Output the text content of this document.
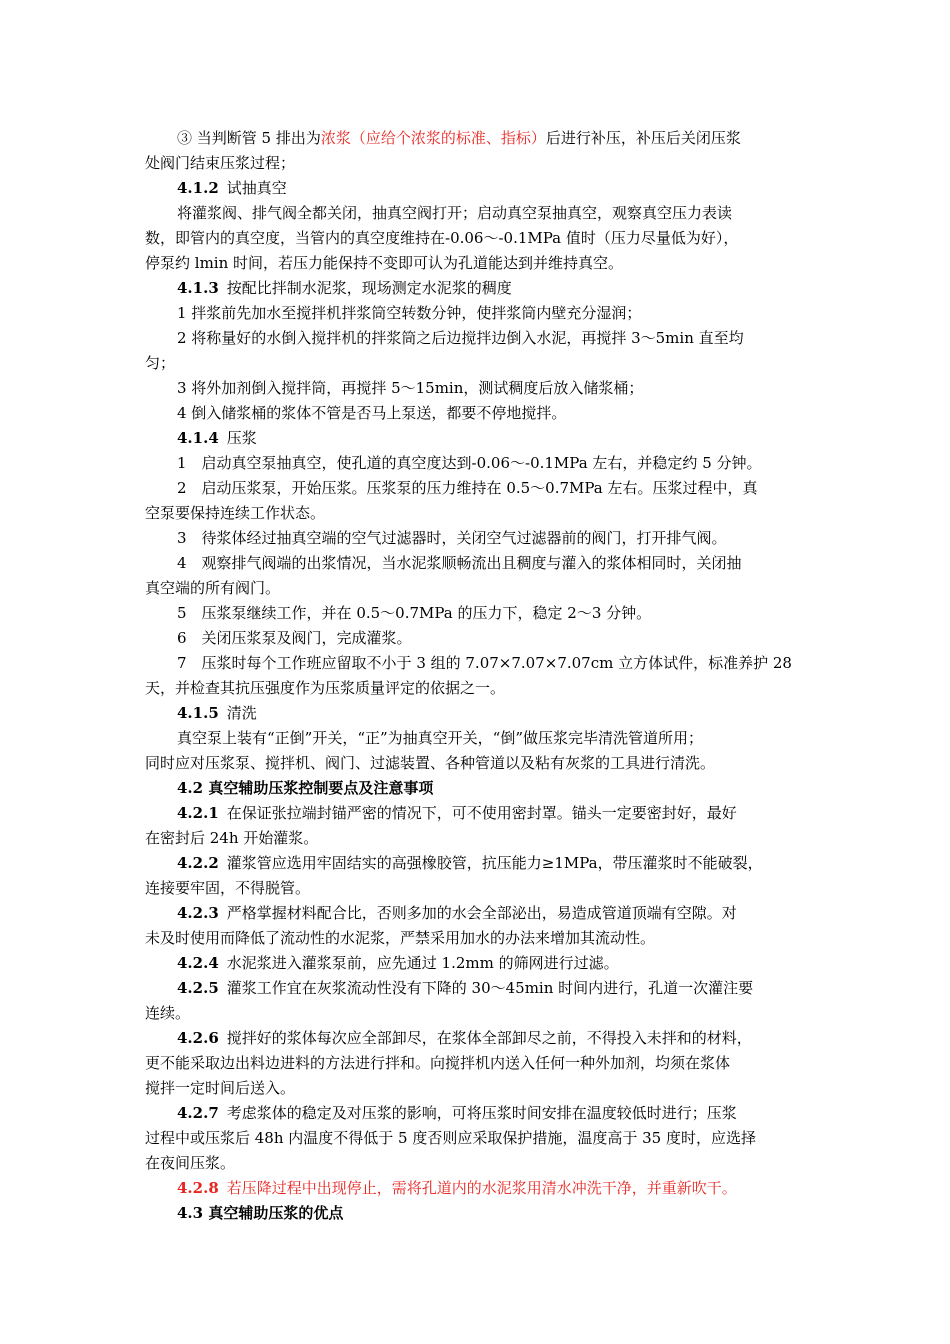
③ 当判断管 5 排出为浓浆（应给个浓浆的标准、指标）后进行补压，补压后关闭压浆
处阀门结束压浆过程；
4.1.2 试抽真空
将灌浆阀、排气阀全都关闭，抽真空阀打开；启动真空泵抽真空，观察真空压力表读
数，即管内的真空度，当管内的真空度维持在-0.06～-0.1MPa 值时（压力尽量低为好），
停泵约 lmin 时间，若压力能保持不变即可认为孔道能达到并维持真空。
4.1.3 按配比拌制水泥浆，现场测定水泥浆的稠度
1 拌浆前先加水至搅拌机拌浆筒空转数分钟，使拌浆筒内壁充分湿润；
2 将称量好的水倒入搅拌机的拌浆筒之后边搅拌边倒入水泥，再搅拌 3～5min 直至均
匀；
3 将外加剂倒入搅拌筒，再搅拌 5～15min，测试稠度后放入储浆桶；
4 倒入储浆桶的浆体不管是否马上泵送，都要不停地搅拌。
4.1.4 压浆
1　启动真空泵抽真空，使孔道的真空度达到-0.06～-0.1MPa 左右，并稳定约 5 分钟。
2　启动压浆泵，开始压浆。压浆泵的压力维持在 0.5～0.7MPa 左右。压浆过程中，真
空泵要保持连续工作状态。
3　待浆体经过抽真空端的空气过滤器时，关闭空气过滤器前的阀门，打开排气阀。
4　观察排气阀端的出浆情况，当水泥浆顺畅流出且稠度与灌入的浆体相同时，关闭抽
真空端的所有阀门。
5　压浆泵继续工作，并在 0.5～0.7MPa 的压力下，稳定 2～3 分钟。
6　关闭压浆泵及阀门，完成灌浆。
7　压浆时每个工作班应留取不小于 3 组的 7.07×7.07×7.07cm 立方体试件，标准养护 28
天，并检查其抗压强度作为压浆质量评定的依据之一。
4.1.5 清洗
真空泵上装有“正倒”开关，“正”为抽真空开关，“倒”做压浆完毕清洗管道所用；
同时应对压浆泵、搅拌机、阀门、过滤装置、各种管道以及粘有灰浆的工具进行清洗。
4.2 真空辅助压浆控制要点及注意事项
4.2.1 在保证张拉端封锚严密的情况下，可不使用密封罩。锚头一定要密封好，最好
在密封后 24h 开始灌浆。
4.2.2 灌浆管应选用牢固结实的高强橡胶管，抗压能力≥1MPa，带压灌浆时不能破裂，
连接要牢固，不得脱管。
4.2.3 严格掌握材料配合比，否则多加的水会全部泌出，易造成管道顶端有空隙。对
未及时使用而降低了流动性的水泥浆，严禁采用加水的办法来增加其流动性。
4.2.4 水泥浆进入灌浆泵前，应先通过 1.2mm 的筛网进行过滤。
4.2.5 灌浆工作宜在灰浆流动性没有下降的 30～45min 时间内进行，孔道一次灌注要
连续。
4.2.6 搅拌好的浆体每次应全部卸尽，在浆体全部卸尽之前，不得投入未拌和的材料，
更不能采取边出料边进料的方法进行拌和。向搅拌机内送入任何一种外加剂，均须在浆体
搅拌一定时间后送入。
4.2.7 考虑浆体的稳定及对压浆的影响，可将压浆时间安排在温度较低时进行；压浆
过程中或压浆后 48h 内温度不得低于 5 度否则应采取保护措施，温度高于 35 度时，应选择
在夜间压浆。
4.2.8 若压降过程中出现停止，需将孔道内的水泥浆用清水冲洗干净，并重新吹干。
4.3 真空辅助压浆的优点
